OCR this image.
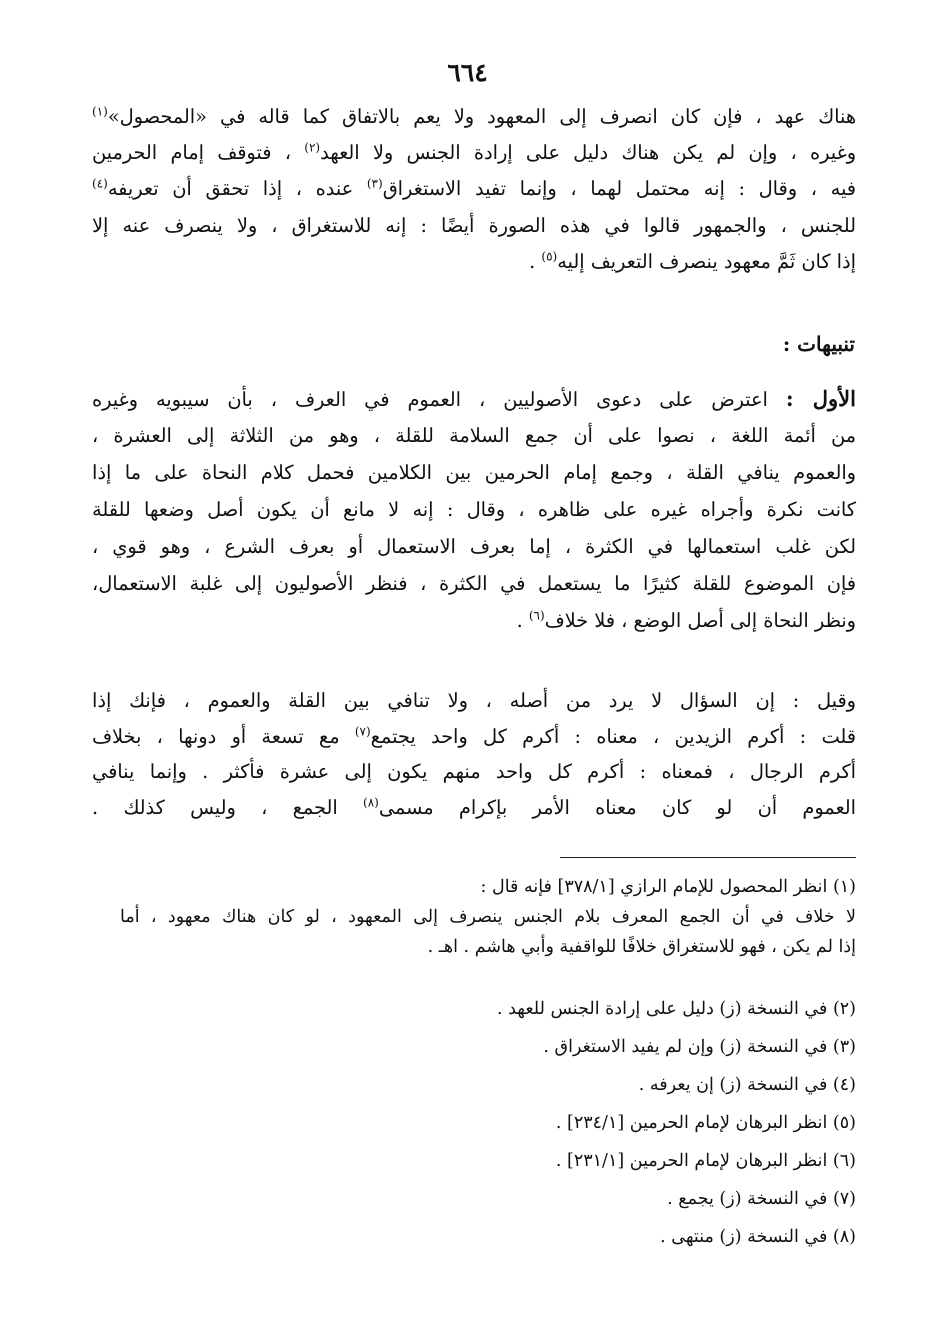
٦٦٤
هناك عهد ، فإن كان انصرف إلى المعهود ولا يعم بالاتفاق كما قاله في «المحصول»$^{(١)}$
وغيره ، وإن لم يكن هناك دليل على إرادة الجنس ولا العهد$^{(٢)}$ ، فتوقف إمام الحرمين
فيه ، وقال : إنه محتمل لهما ، وإنما تفيد الاستغراق$^{(٣)}$ عنده ، إذا تحقق أن تعريفه$^{(٤)}$
للجنس ، والجمهور قالوا في هذه الصورة أيضًا : إنه للاستغراق ، ولا ينصرف عنه إلا
إذا كان ثَمَّ معهود ينصرف التعريف إليه$^{(٥)}$ .
تنبيهات :
الأول : اعترض على دعوى الأصوليين ، العموم في العرف ، بأن سيبويه وغيره
من أئمة اللغة ، نصوا على أن جمع السلامة للقلة ، وهو من الثلاثة إلى العشرة ،
والعموم ينافي القلة ، وجمع إمام الحرمين بين الكلامين فحمل كلام النحاة على ما إذا
كانت نكرة وأجراه غيره على ظاهره ، وقال : إنه لا مانع أن يكون أصل وضعها للقلة
لكن غلب استعمالها في الكثرة ، إما بعرف الاستعمال أو بعرف الشرع ، وهو قوي ،
فإن الموضوع للقلة كثيرًا ما يستعمل في الكثرة ، فنظر الأصوليون إلى غلبة الاستعمال،
ونظر النحاة إلى أصل الوضع ، فلا خلاف$^{(٦)}$ .
وقيل : إن السؤال لا يرد من أصله ، ولا تنافي بين القلة والعموم ، فإنك إذا
قلت : أكرم الزيدين ، معناه : أكرم كل واحد يجتمع$^{(٧)}$ مع تسعة أو دونها ، بخلاف
أكرم الرجال ، فمعناه : أكرم كل واحد منهم يكون إلى عشرة فأكثر . وإنما ينافي
العموم أن لو كان معناه الأمر بإكرام مسمى$^{(٨)}$ الجمع ، وليس كذلك .
(١) انظر المحصول للإمام الرازي [٣٧٨/١] فإنه قال :
لا خلاف في أن الجمع المعرف بلام الجنس ينصرف إلى المعهود ، لو كان هناك معهود ، أما
إذا لم يكن ، فهو للاستغراق خلافًا للواقفية وأبي هاشم . اهـ .
(٢) في النسخة (ز) دليل على إرادة الجنس للعهد .
(٣) في النسخة (ز) وإن لم يفيد الاستغراق .
(٤) في النسخة (ز) إن يعرفه .
(٥) انظر البرهان لإمام الحرمين [٢٣٤/١] .
(٦) انظر البرهان لإمام الحرمين [٢٣١/١] .
(٧) في النسخة (ز) يجمع .
(٨) في النسخة (ز) منتهى .
